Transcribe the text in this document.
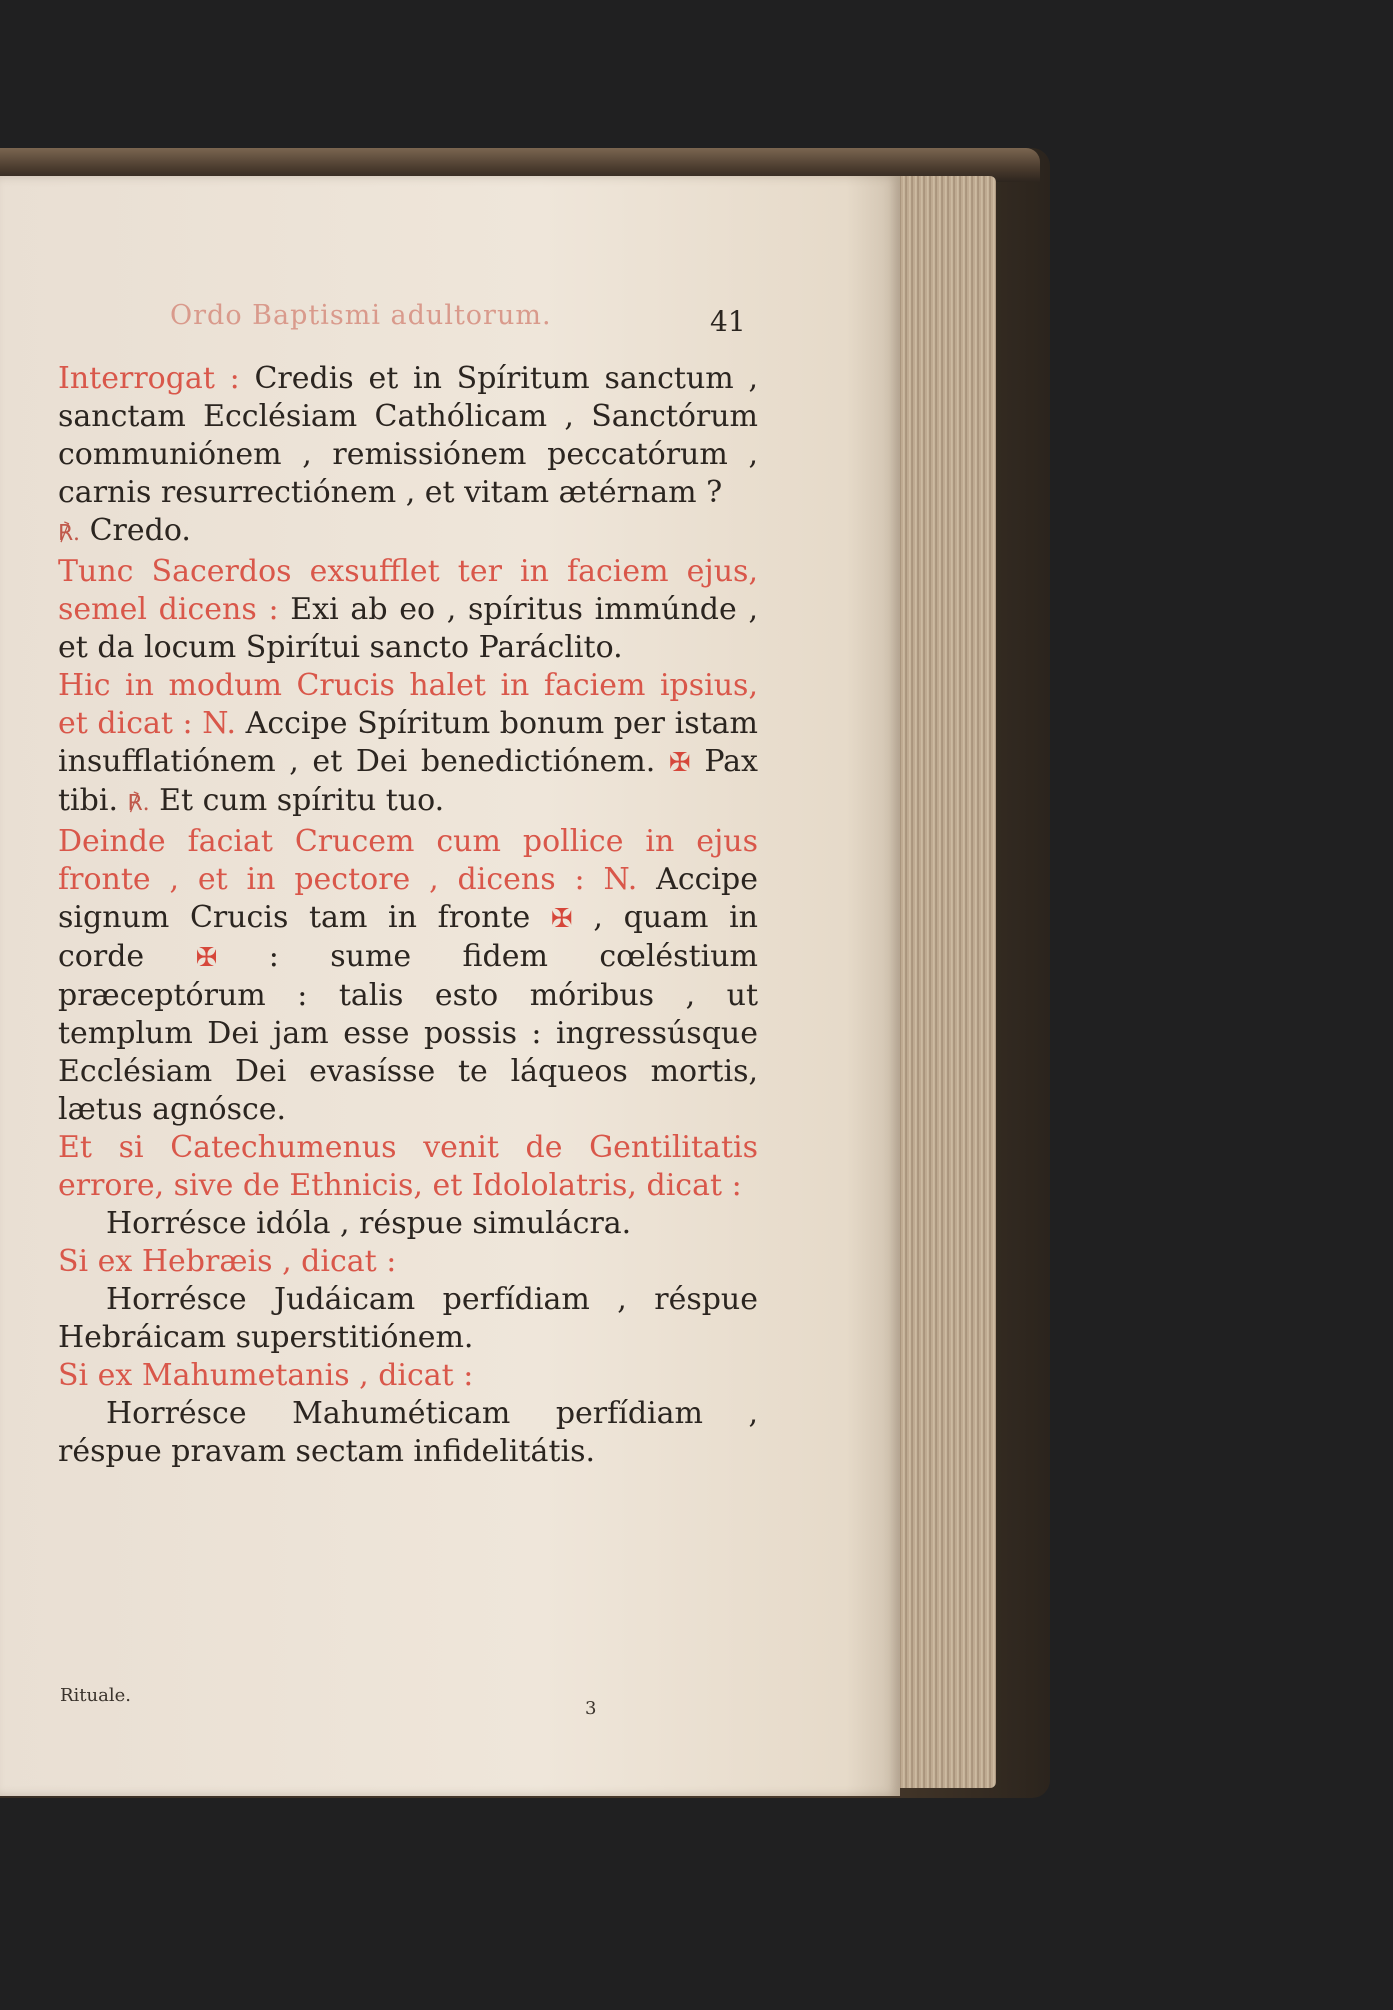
Ordo Baptismi adultorum.	41

Interrogat : Credis et in Spíritum sanctum , sanctam Ecclésiam Cathólicam , Sanctórum communiónem , remissiónem peccatórum , carnis resurrectiónem , et vitam ætérnam ?

℟. Credo.

Tunc Sacerdos exsufflet ter in faciem ejus, semel dicens : Exi ab eo , spíritus immúnde , et da locum Spirítui sancto Paráclito.

Hic in modum Crucis halet in faciem ipsius, et dicat : N. Accipe Spíritum bonum per istam insufflatiónem , et Dei benedictiónem. ✠ Pax tibi. ℟. Et cum spíritu tuo.

Deinde faciat Crucem cum pollice in ejus fronte , et in pectore , dicens : N. Accipe signum Crucis tam in fronte ✠ , quam in corde ✠ : sume fidem cœléstium præceptórum : talis esto móribus , ut templum Dei jam esse possis : ingressúsque Ecclésiam Dei evasísse te láqueos mortis, lætus agnósce.

Et si Catechumenus venit de Gentilitatis errore, sive de Ethnicis, et Idololatris, dicat :

Horrésce idóla , réspue simulácra.

Si ex Hebræis , dicat :

Horrésce Judáicam perfídiam , réspue Hebráicam superstitiónem.

Si ex Mahumetanis , dicat :

Horrésce Mahuméticam perfídiam , réspue pravam sectam infidelitátis.

Rituale.
3
